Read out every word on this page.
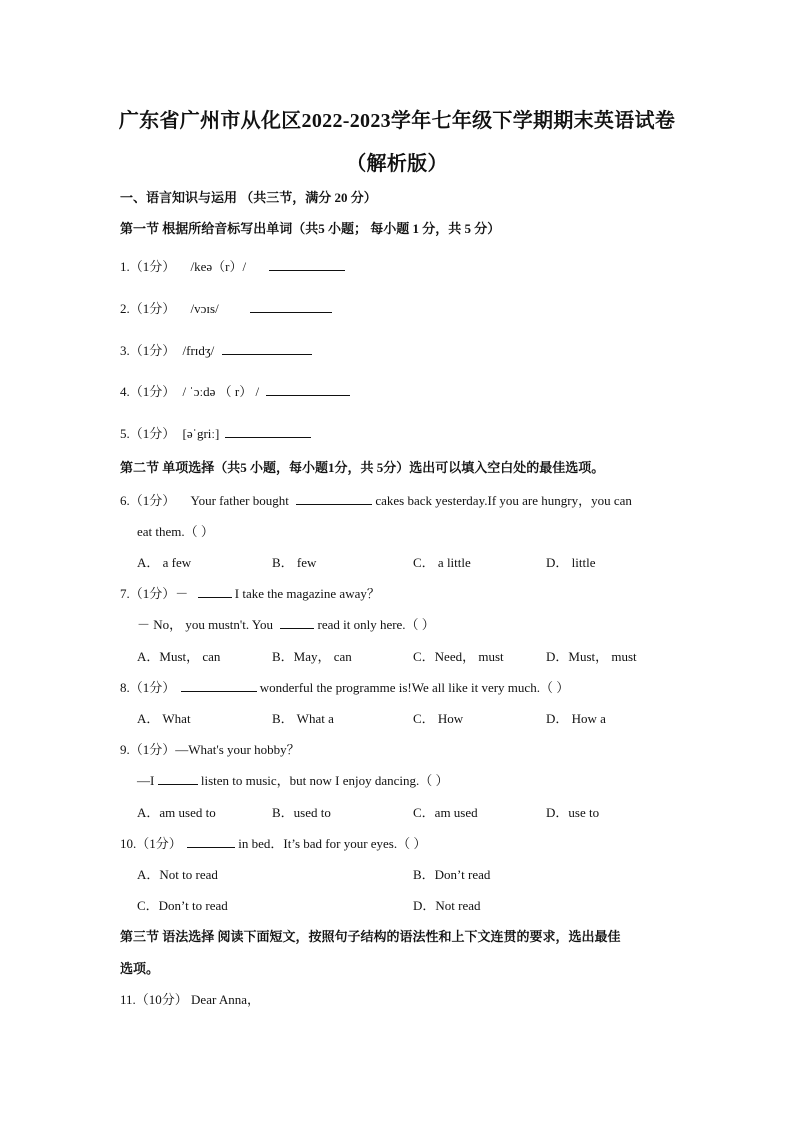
广东省广州市从化区2022-2023学年七年级下学期期末英语试卷
（解析版）
一、语言知识与运用 （共三节，满分 20 分）
第一节 根据所给音标写出单词（共5 小题； 每小题 1 分，共 5 分）
1.（1分） /keə（r）/
2.（1分） /vɔɪs/
3.（1分） /frɪdʒ/
4.（1分） / ˈɔːdə （ r） /
5.（1分） [əˈgriː]
第二节 单项选择（共5 小题，每小题1分，共 5分）选出可以填入空白处的最佳选项。
6.（1分） Your father bought	cakes back yesterday.If you are hungry，you can
eat them.（ ）
A． a few	B． few	C． a little	D． little
7.（1分）－	I take the magazine away？
－ No， you mustn't. You	read it only here.（ ）
A．Must， can	B．May， can	C．Need， must	D．Must， must
8.（1分）	wonderful the programme is!We all like it very much.（ ）
A． What	B． What a	C． How	D． How a
9.（1分）—What's your hobby？
—I	listen to music，but now I enjoy dancing.（ ）
A．am used to	B．used to	C．am used	D．use to
10.（1分）	in bed．It’s bad for your eyes.（ ）
A．Not to read	B．Don’t read
C．Don’t to read	D．Not read
第三节 语法选择 阅读下面短文，按照句子结构的语法性和上下文连贯的要求，选出最佳
选项。
11.（10分） Dear Anna，
